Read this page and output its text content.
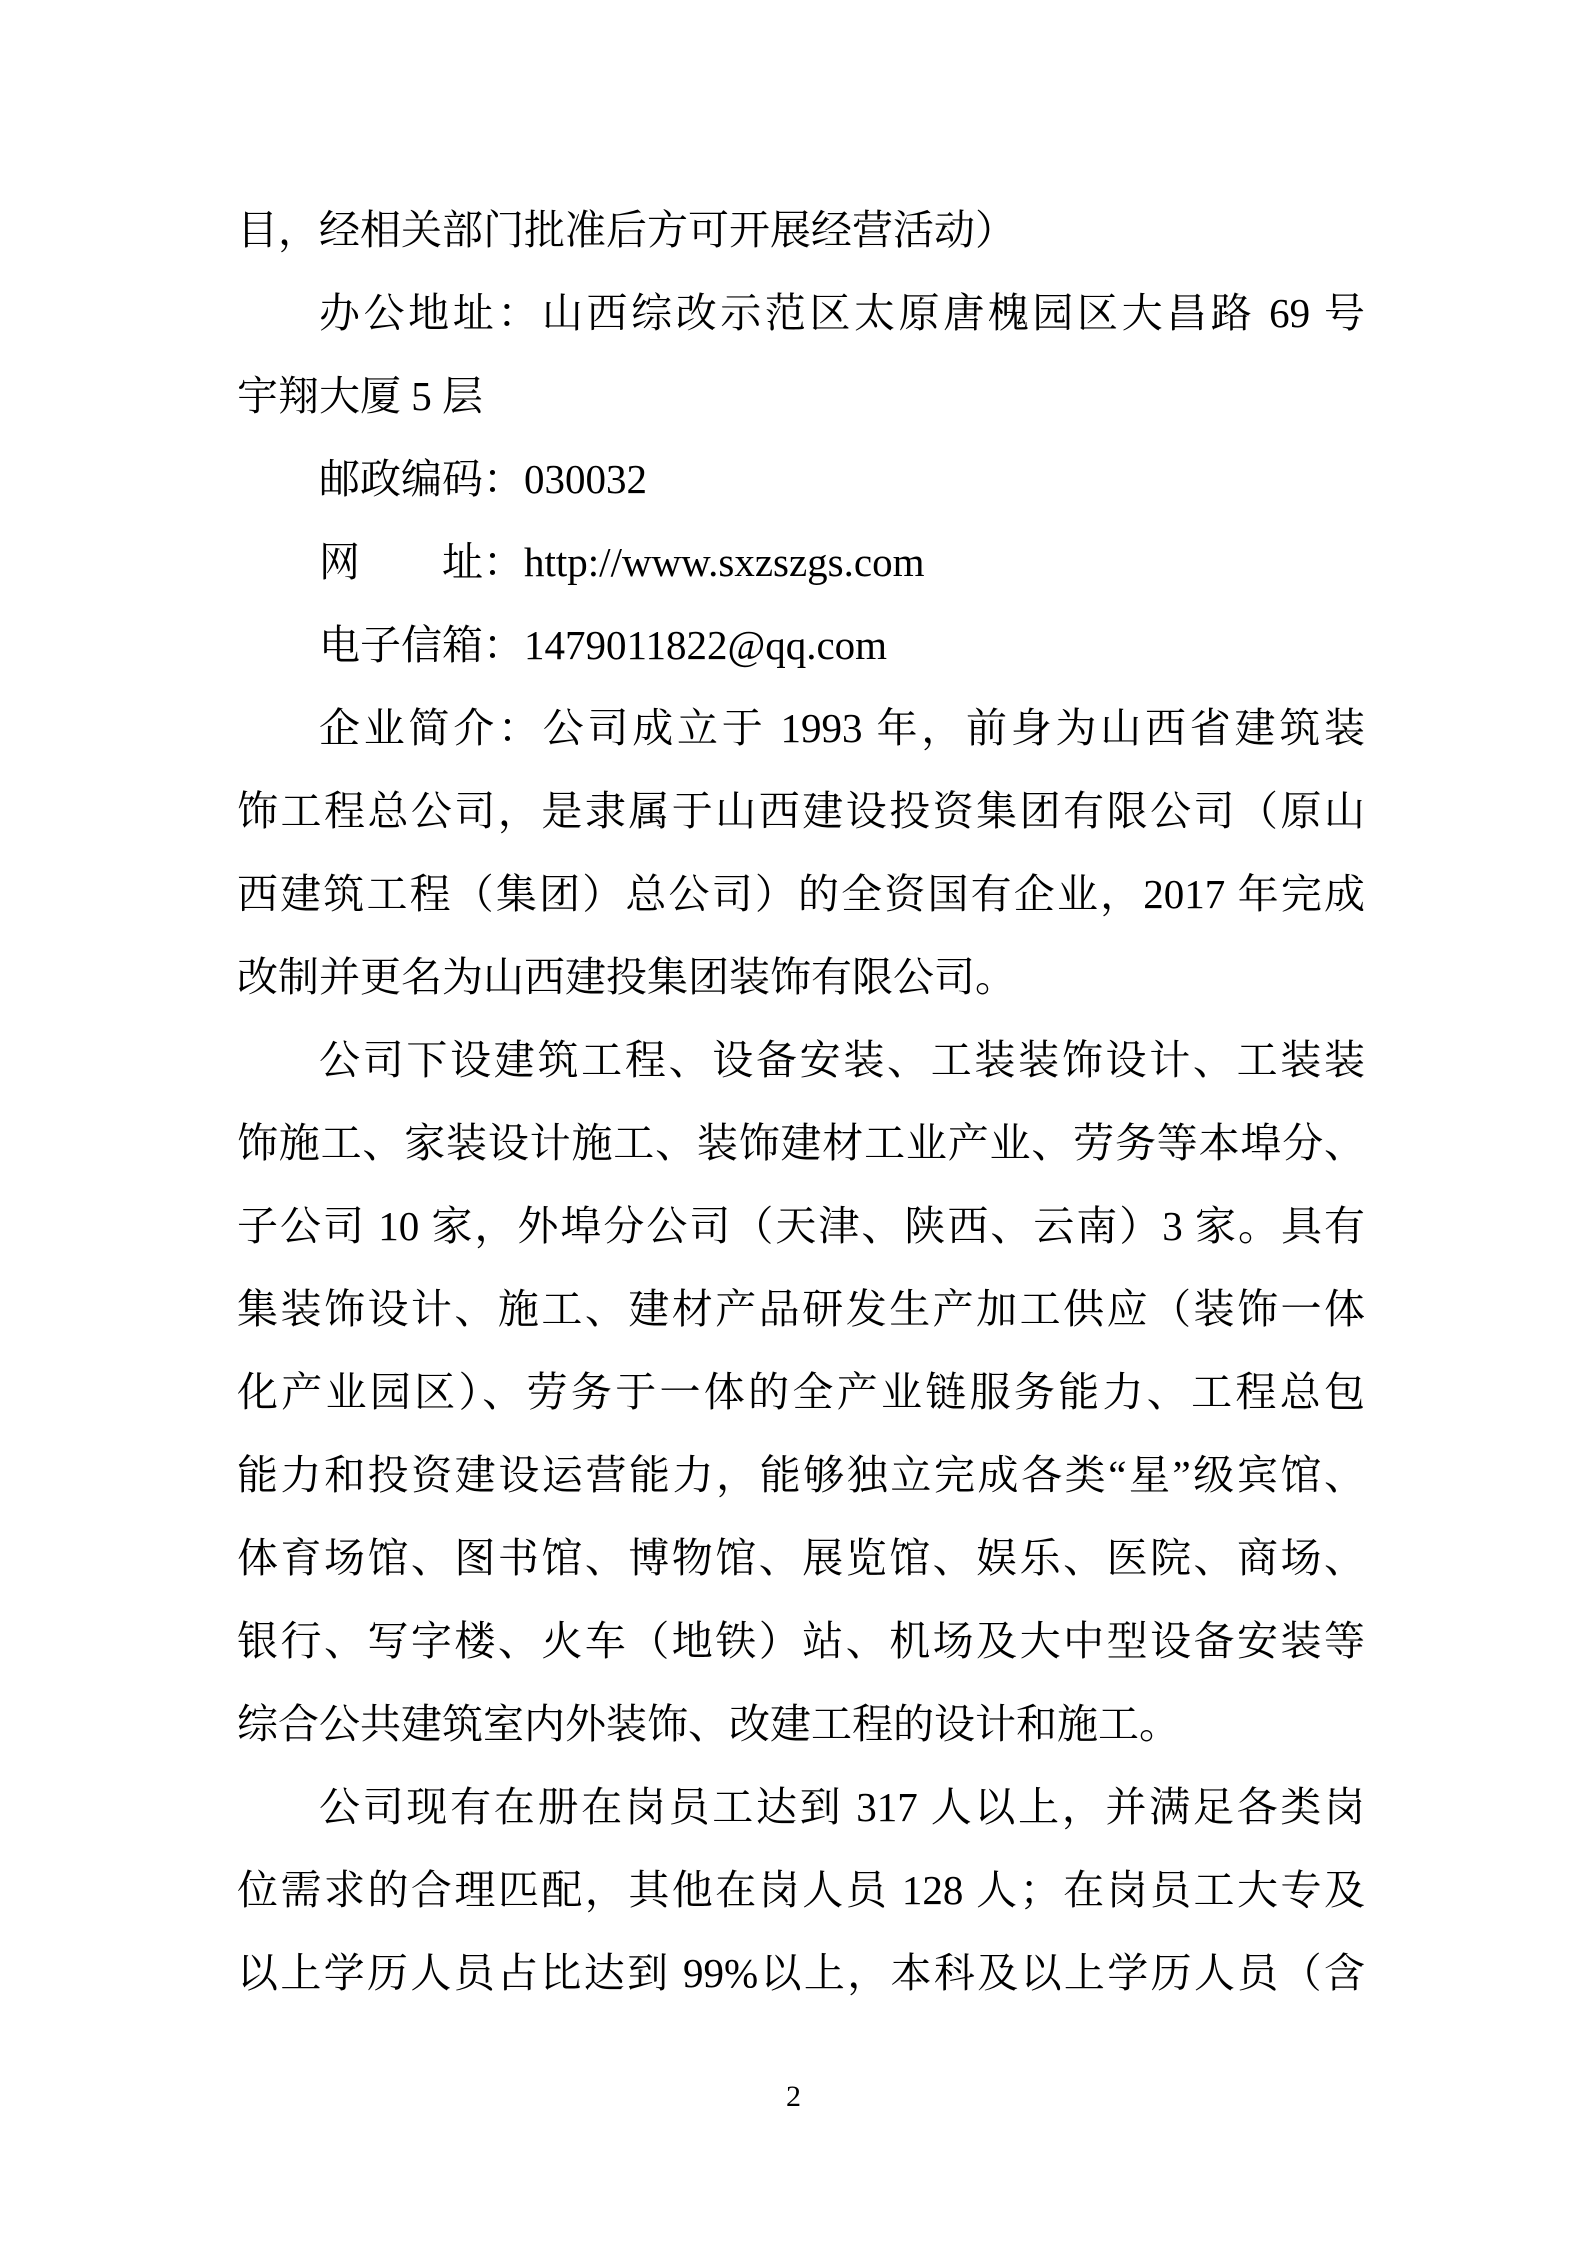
目，经相关部门批准后方可开展经营活动）
办公地址：山西综改示范区太原唐槐园区大昌路 69 号
宇翔大厦 5 层
邮政编码：030032
网　　址：http://www.sxzszgs.com
电子信箱：1479011822@qq.com
企业简介：公司成立于 1993 年，前身为山西省建筑装
饰工程总公司，是隶属于山西建设投资集团有限公司（原山
西建筑工程（集团）总公司）的全资国有企业，2017 年完成
改制并更名为山西建投集团装饰有限公司。
公司下设建筑工程、设备安装、工装装饰设计、工装装
饰施工、家装设计施工、装饰建材工业产业、劳务等本埠分、
子公司 10 家，外埠分公司（天津、陕西、云南）3 家。具有
集装饰设计、施工、建材产品研发生产加工供应（装饰一体
化产业园区）、劳务于一体的全产业链服务能力、工程总包
能力和投资建设运营能力，能够独立完成各类“星”级宾馆、
体育场馆、图书馆、博物馆、展览馆、娱乐、医院、商场、
银行、写字楼、火车（地铁）站、机场及大中型设备安装等
综合公共建筑室内外装饰、改建工程的设计和施工。
公司现有在册在岗员工达到 317 人以上，并满足各类岗
位需求的合理匹配，其他在岗人员 128 人；在岗员工大专及
以上学历人员占比达到 99%以上，本科及以上学历人员（含
2
